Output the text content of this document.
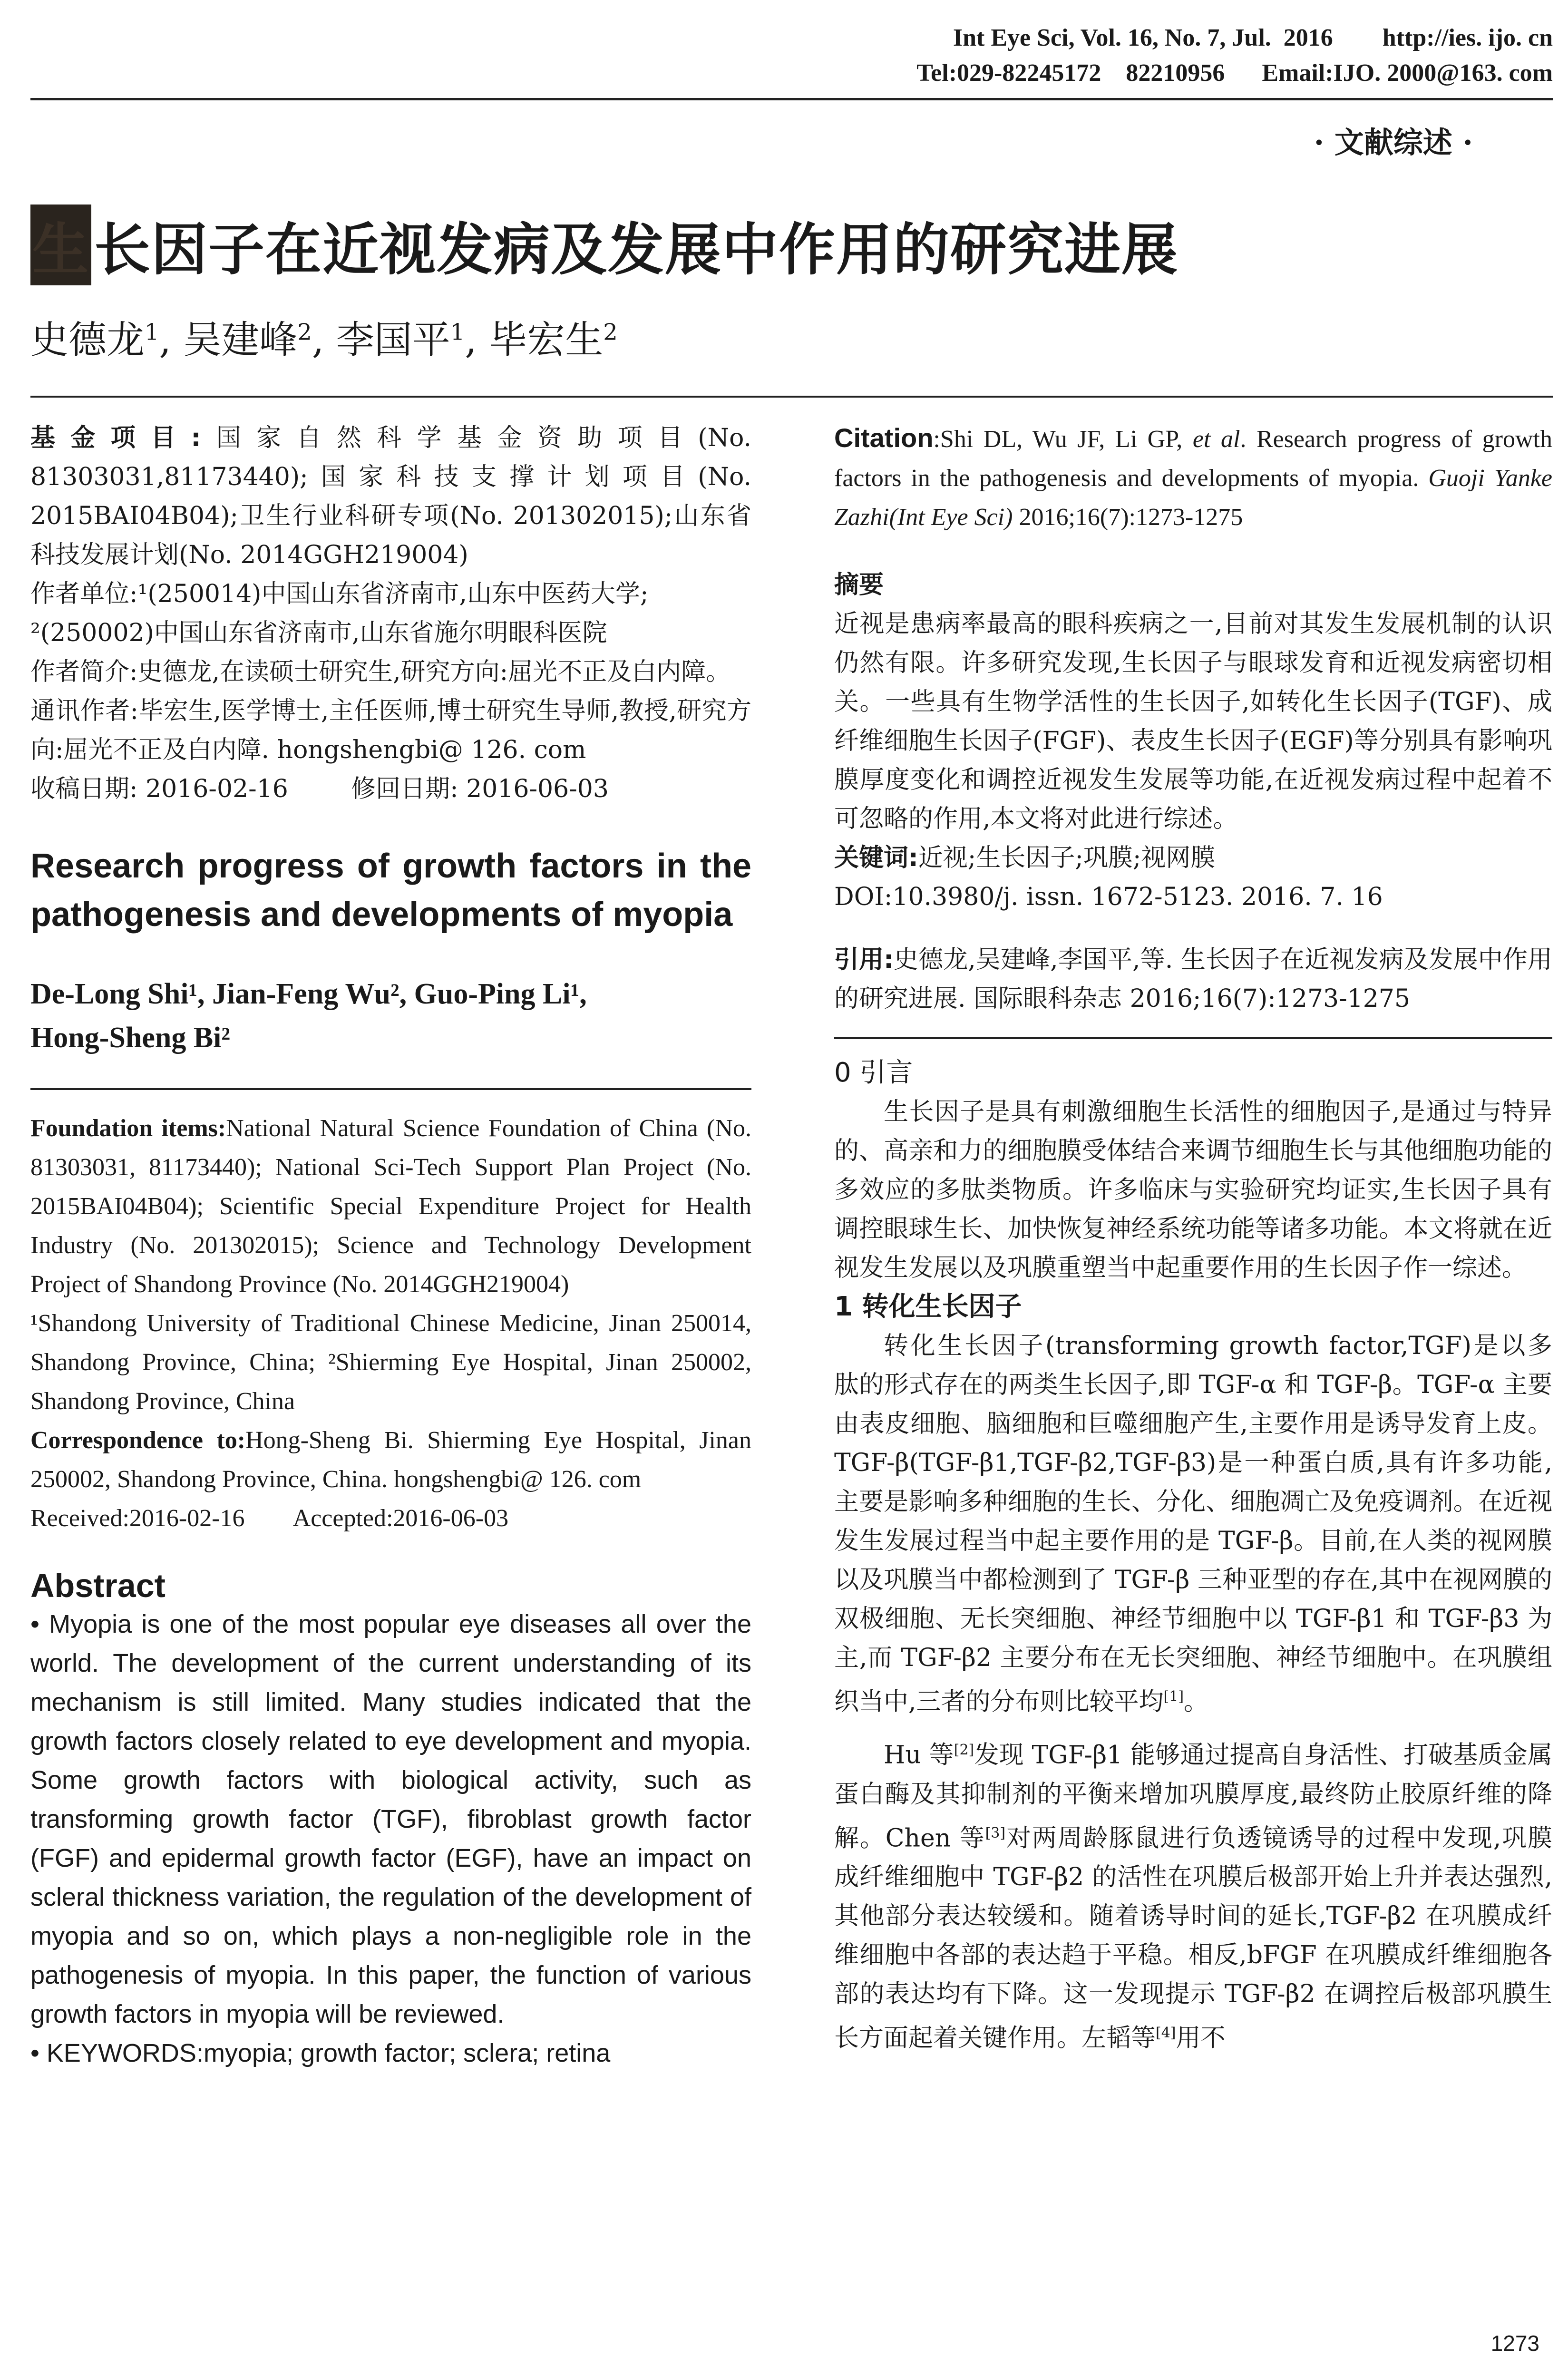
Int Eye Sci, Vol. 16, No. 7, Jul.  2016        http://ies. ijo. cn
Tel:029-82245172    82210956      Email:IJO. 2000@163. com
· 文献综述 ·
生 长因子在近视发病及发展中作用的研究进展
史德龙$^1$, 吴建峰$^2$, 李国平$^1$, 毕宏生$^2$

基金项目:国家自然科学基金资助项目(No. 81303031,81173440);国家科技支撑计划项目(No. 2015BAI04B04);卫生行业科研专项(No. 201302015);山东省科技发展计划(No. 2014GGH219004)

作者单位:¹(250014)中国山东省济南市,山东中医药大学;

²(250002)中国山东省济南市,山东省施尔明眼科医院

作者简介:史德龙,在读硕士研究生,研究方向:屈光不正及白内障。

通讯作者:毕宏生,医学博士,主任医师,博士研究生导师,教授,研究方向:屈光不正及白内障. hongshengbi@ 126. com

收稿日期: 2016-02-16        修回日期: 2016-06-03

Research progress of growth factors in the pathogenesis and developments of myopia

De-Long Shi¹, Jian-Feng Wu², Guo-Ping Li¹,

Hong-Sheng Bi²

Foundation items:National Natural Science Foundation of China (No. 81303031, 81173440); National Sci-Tech Support Plan Project (No. 2015BAI04B04); Scientific Special Expenditure Project for Health Industry (No. 201302015); Science and Technology Development Project of Shandong Province (No. 2014GGH219004)

¹Shandong University of Traditional Chinese Medicine, Jinan 250014, Shandong Province, China; ²Shierming Eye Hospital, Jinan 250002, Shandong Province, China

Correspondence to:Hong-Sheng Bi. Shierming Eye Hospital, Jinan 250002, Shandong Province, China. hongshengbi@ 126. com

Received:2016-02-16        Accepted:2016-06-03

Abstract

• Myopia is one of the most popular eye diseases all over the world. The development of the current understanding of its mechanism is still limited. Many studies indicated that the growth factors closely related to eye development and myopia. Some growth factors with biological activity, such as transforming growth factor (TGF), fibroblast growth factor (FGF) and epidermal growth factor (EGF), have an impact on scleral thickness variation, the regulation of the development of myopia and so on, which plays a non-negligible role in the pathogenesis of myopia. In this paper, the function of various growth factors in myopia will be reviewed.

• KEYWORDS:myopia; growth factor; sclera; retina

Citation:Shi DL, Wu JF, Li GP, et al. Research progress of growth factors in the pathogenesis and developments of myopia. Guoji Yanke Zazhi(Int Eye Sci) 2016;16(7):1273-1275

摘要

近视是患病率最高的眼科疾病之一,目前对其发生发展机制的认识仍然有限。许多研究发现,生长因子与眼球发育和近视发病密切相关。一些具有生物学活性的生长因子,如转化生长因子(TGF)、成纤维细胞生长因子(FGF)、表皮生长因子(EGF)等分别具有影响巩膜厚度变化和调控近视发生发展等功能,在近视发病过程中起着不可忽略的作用,本文将对此进行综述。

关键词:近视;生长因子;巩膜;视网膜

DOI:10.3980/j. issn. 1672-5123. 2016. 7. 16

引用:史德龙,吴建峰,李国平,等. 生长因子在近视发病及发展中作用的研究进展. 国际眼科杂志 2016;16(7):1273-1275

0 引言

生长因子是具有刺激细胞生长活性的细胞因子,是通过与特异的、高亲和力的细胞膜受体结合来调节细胞生长与其他细胞功能的多效应的多肽类物质。许多临床与实验研究均证实,生长因子具有调控眼球生长、加快恢复神经系统功能等诸多功能。本文将就在近视发生发展以及巩膜重塑当中起重要作用的生长因子作一综述。

1 转化生长因子

转化生长因子(transforming growth factor,TGF)是以多肽的形式存在的两类生长因子,即 TGF-α 和 TGF-β。TGF-α 主要由表皮细胞、脑细胞和巨噬细胞产生,主要作用是诱导发育上皮。TGF-β(TGF-β1,TGF-β2,TGF-β3)是一种蛋白质,具有许多功能,主要是影响多种细胞的生长、分化、细胞凋亡及免疫调剂。在近视发生发展过程当中起主要作用的是 TGF-β。目前,在人类的视网膜以及巩膜当中都检测到了 TGF-β 三种亚型的存在,其中在视网膜的双极细胞、无长突细胞、神经节细胞中以 TGF-β1 和 TGF-β3 为主,而 TGF-β2 主要分布在无长突细胞、神经节细胞中。在巩膜组织当中,三者的分布则比较平均[1]。

Hu 等[2]发现 TGF-β1 能够通过提高自身活性、打破基质金属蛋白酶及其抑制剂的平衡来增加巩膜厚度,最终防止胶原纤维的降解。Chen 等[3]对两周龄豚鼠进行负透镜诱导的过程中发现,巩膜成纤维细胞中 TGF-β2 的活性在巩膜后极部开始上升并表达强烈,其他部分表达较缓和。随着诱导时间的延长,TGF-β2 在巩膜成纤维细胞中各部的表达趋于平稳。相反,bFGF 在巩膜成纤维细胞各部的表达均有下降。这一发现提示 TGF-β2 在调控后极部巩膜生长方面起着关键作用。左韬等[4]用不

1273
